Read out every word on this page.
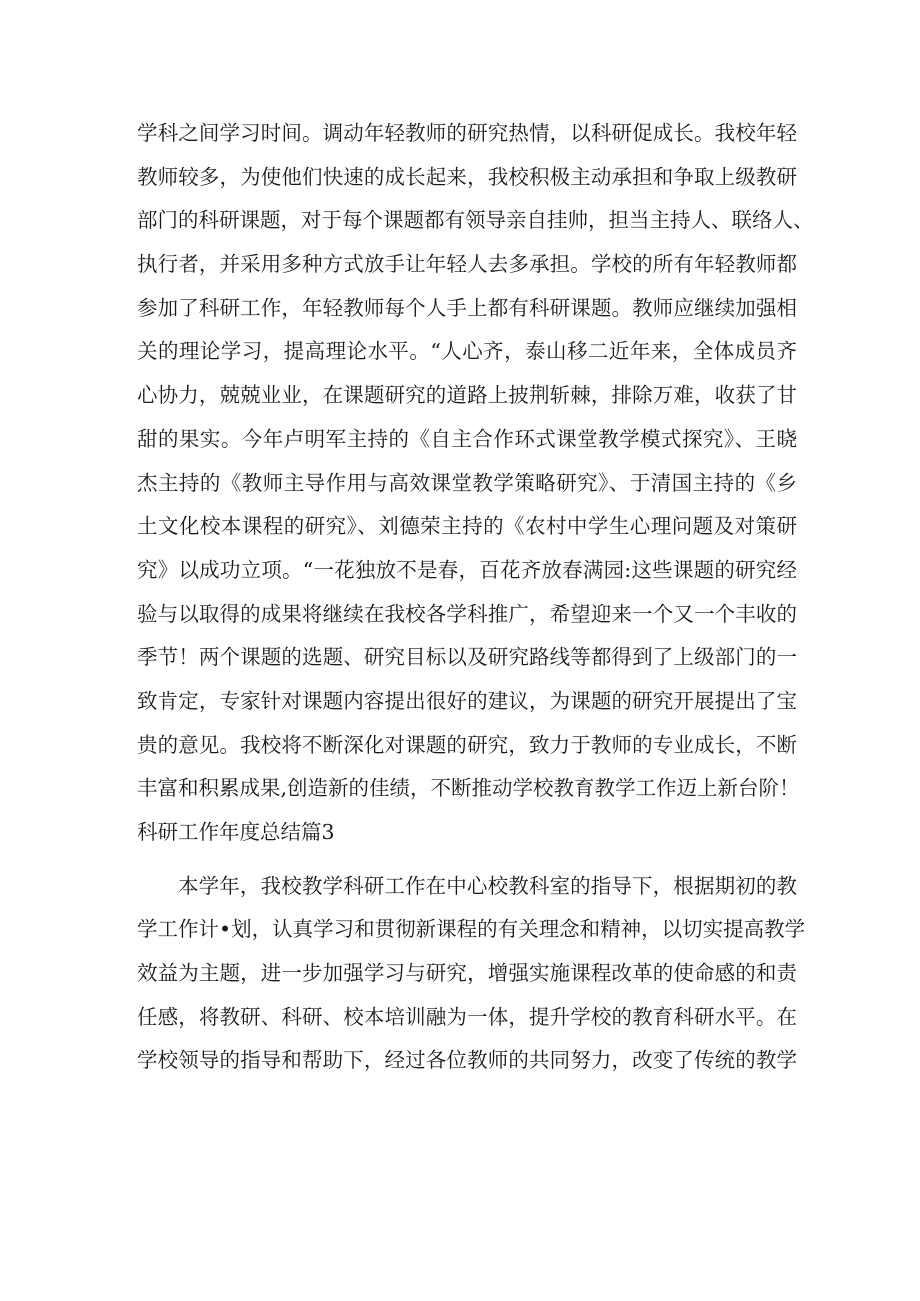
学科之间学习时间。调动年轻教师的研究热情，以科研促成长。我校年轻
教师较多，为使他们快速的成长起来，我校积极主动承担和争取上级教研
部门的科研课题，对于每个课题都有领导亲自挂帅，担当主持人、联络人、
执行者，并采用多种方式放手让年轻人去多承担。学校的所有年轻教师都
参加了科研工作，年轻教师每个人手上都有科研课题。教师应继续加强相
关的理论学习，提高理论水平。“人心齐，泰山移二近年来，全体成员齐
心协力，兢兢业业，在课题研究的道路上披荆斩棘，排除万难，收获了甘
甜的果实。今年卢明军主持的《自主合作环式课堂教学模式探究》、王晓
杰主持的《教师主导作用与高效课堂教学策略研究》、于清国主持的《乡
土文化校本课程的研究》、刘德荣主持的《农村中学生心理问题及对策研
究》以成功立项。“一花独放不是春，百花齐放春满园:这些课题的研究经
验与以取得的成果将继续在我校各学科推广，希望迎来一个又一个丰收的
季节！两个课题的选题、研究目标以及研究路线等都得到了上级部门的一
致肯定，专家针对课题内容提出很好的建议，为课题的研究开展提出了宝
贵的意见。我校将不断深化对课题的研究，致力于教师的专业成长，不断
丰富和积累成果,创造新的佳绩，不断推动学校教育教学工作迈上新台阶！
科研工作年度总结篇3
本学年，我校教学科研工作在中心校教科室的指导下，根据期初的教
学工作计•划，认真学习和贯彻新课程的有关理念和精神，以切实提高教学
效益为主题，进一步加强学习与研究，增强实施课程改革的使命感的和责
任感，将教研、科研、校本培训融为一体，提升学校的教育科研水平。在
学校领导的指导和帮助下，经过各位教师的共同努力，改变了传统的教学
